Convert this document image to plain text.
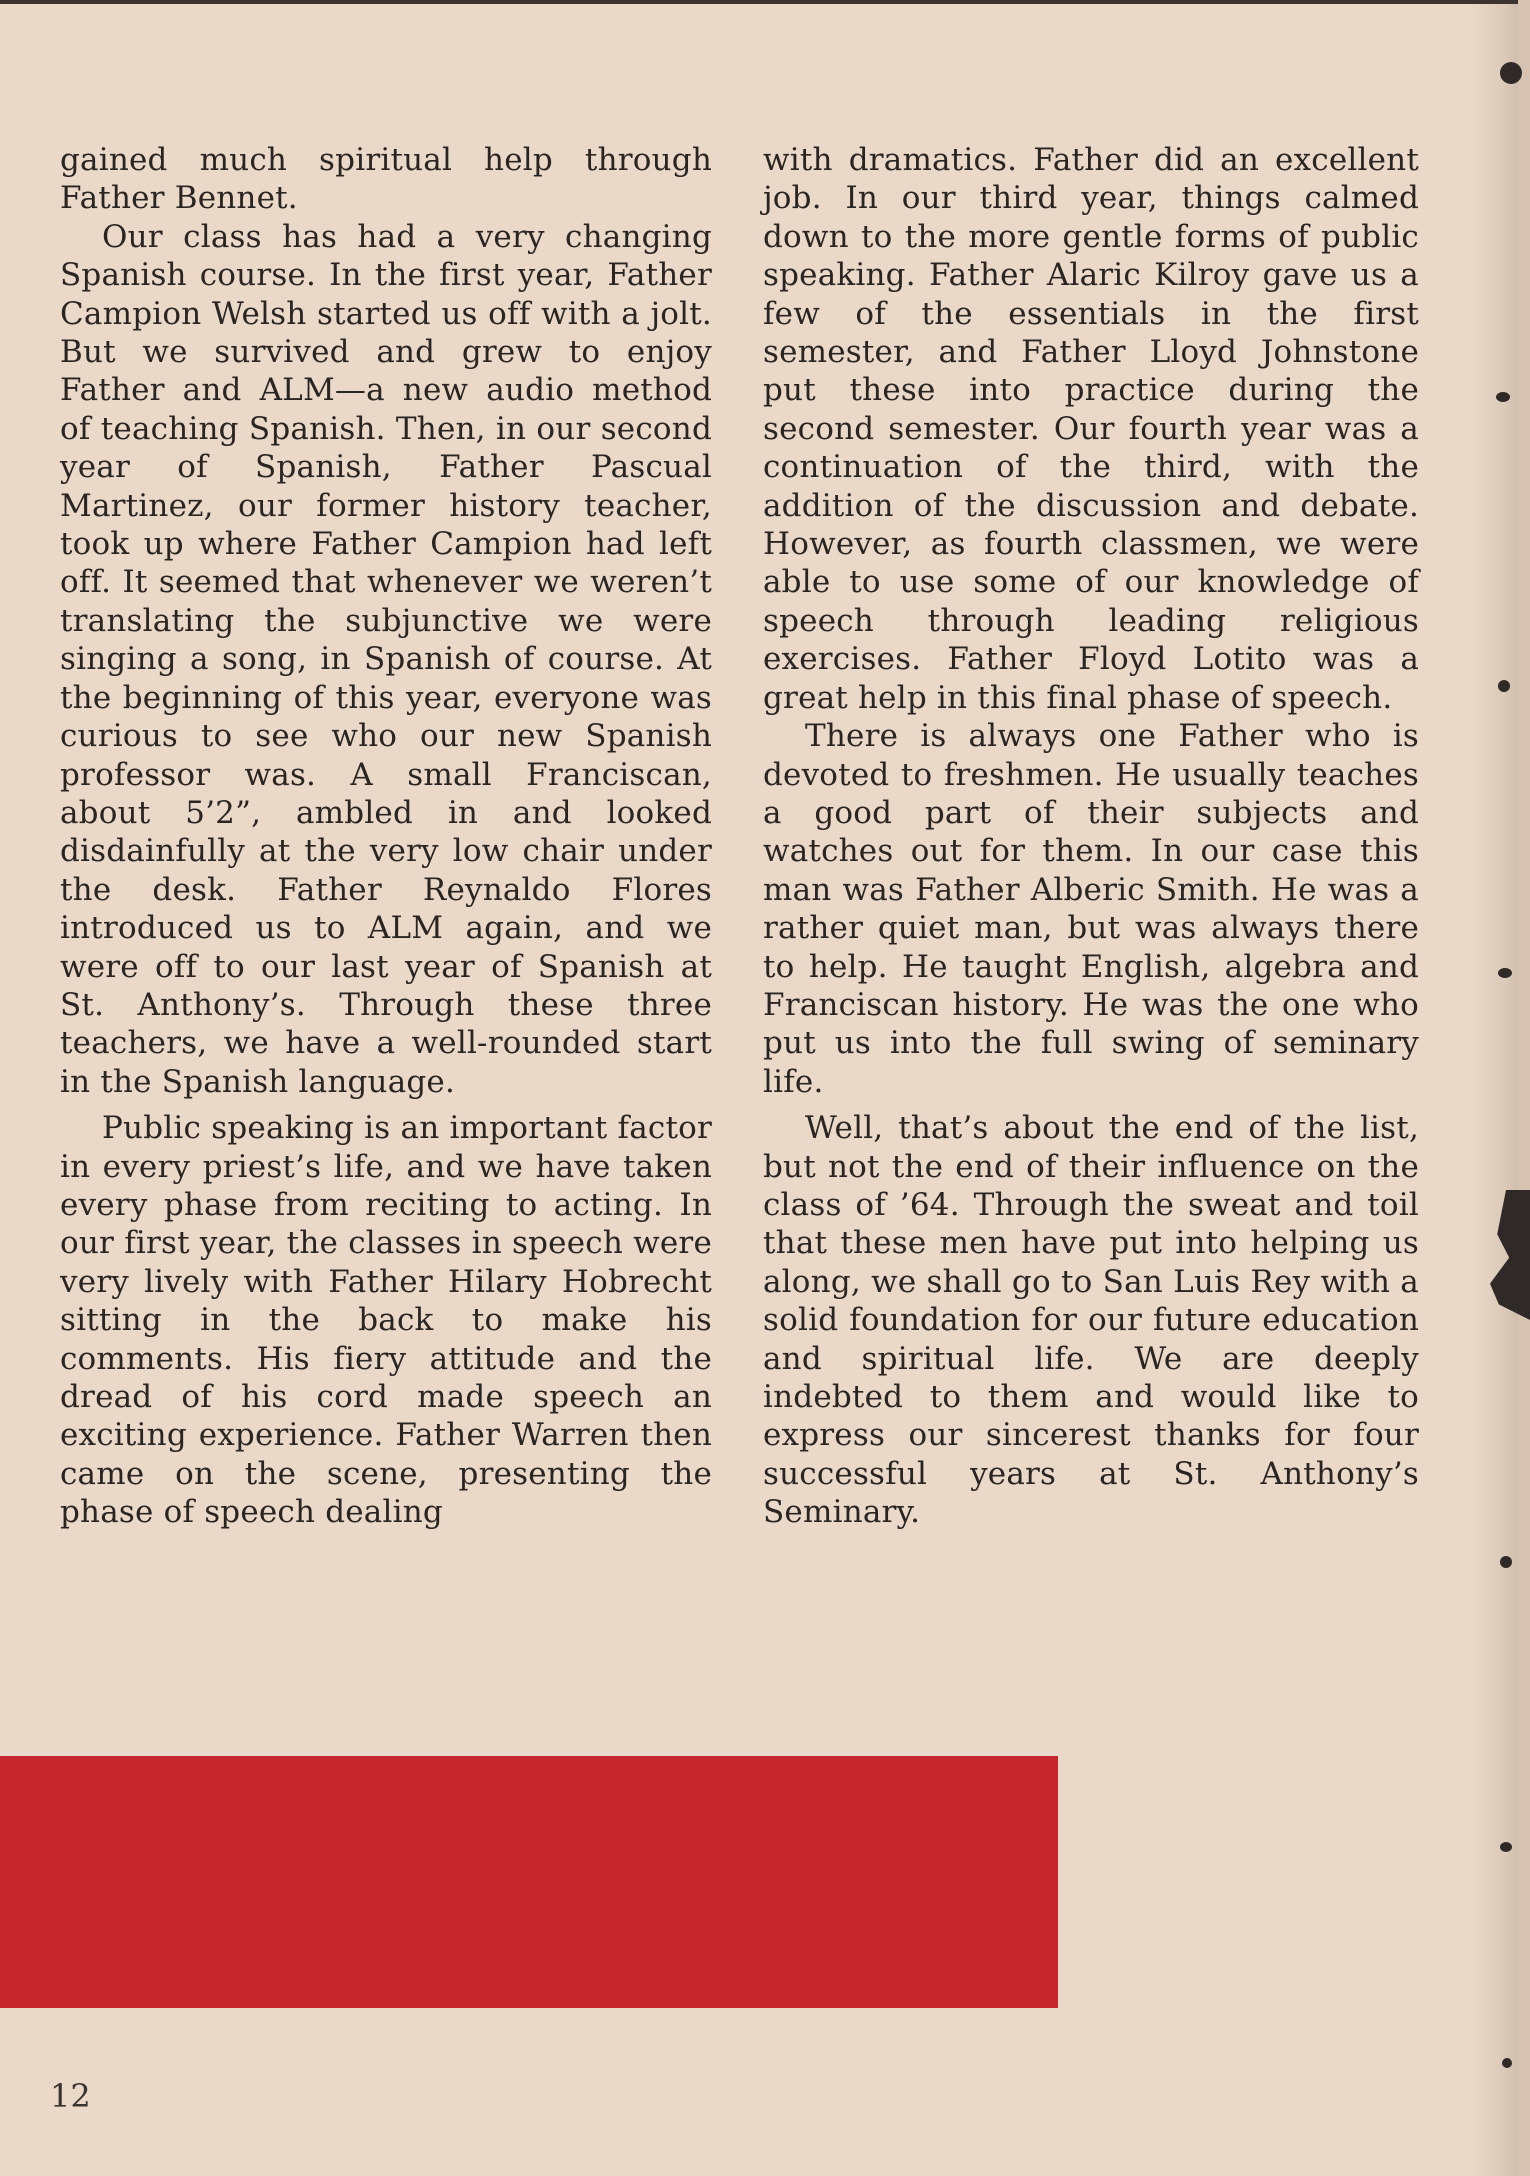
gained much spiritual help through Father Bennet.

Our class has had a very changing Spanish course. In the first year, Father Campion Welsh started us off with a jolt. But we survived and grew to enjoy Father and ALM—a new audio method of teaching Spanish. Then, in our second year of Spanish, Father Pascual Martinez, our former history teacher, took up where Father Campion had left off. It seemed that whenever we weren’t translating the subjunctive we were singing a song, in Spanish of course. At the beginning of this year, everyone was curious to see who our new Spanish professor was. A small Franciscan, about 5’2”, ambled in and looked disdainfully at the very low chair under the desk. Father Reynaldo Flores introduced us to ALM again, and we were off to our last year of Spanish at St. Anthony’s. Through these three teachers, we have a well-rounded start in the Spanish language.

Public speaking is an important factor in every priest’s life, and we have taken every phase from reciting to acting. In our first year, the classes in speech were very lively with Father Hilary Hobrecht sitting in the back to make his comments. His fiery attitude and the dread of his cord made speech an exciting experience. Father Warren then came on the scene, presenting the phase of speech dealing

with dramatics. Father did an excellent job. In our third year, things calmed down to the more gentle forms of public speaking. Father Alaric Kilroy gave us a few of the essentials in the first semester, and Father Lloyd Johnstone put these into practice during the second semester. Our fourth year was a continuation of the third, with the addition of the discussion and debate. However, as fourth classmen, we were able to use some of our knowledge of speech through leading religious exercises. Father Floyd Lotito was a great help in this final phase of speech.

There is always one Father who is devoted to freshmen. He usually teaches a good part of their subjects and watches out for them. In our case this man was Father Alberic Smith. He was a rather quiet man, but was always there to help. He taught English, algebra and Franciscan history. He was the one who put us into the full swing of seminary life.

Well, that’s about the end of the list, but not the end of their influence on the class of ’64. Through the sweat and toil that these men have put into helping us along, we shall go to San Luis Rey with a solid foundation for our future education and spiritual life. We are deeply indebted to them and would like to express our sincerest thanks for four successful years at St. Anthony’s Seminary.

12
